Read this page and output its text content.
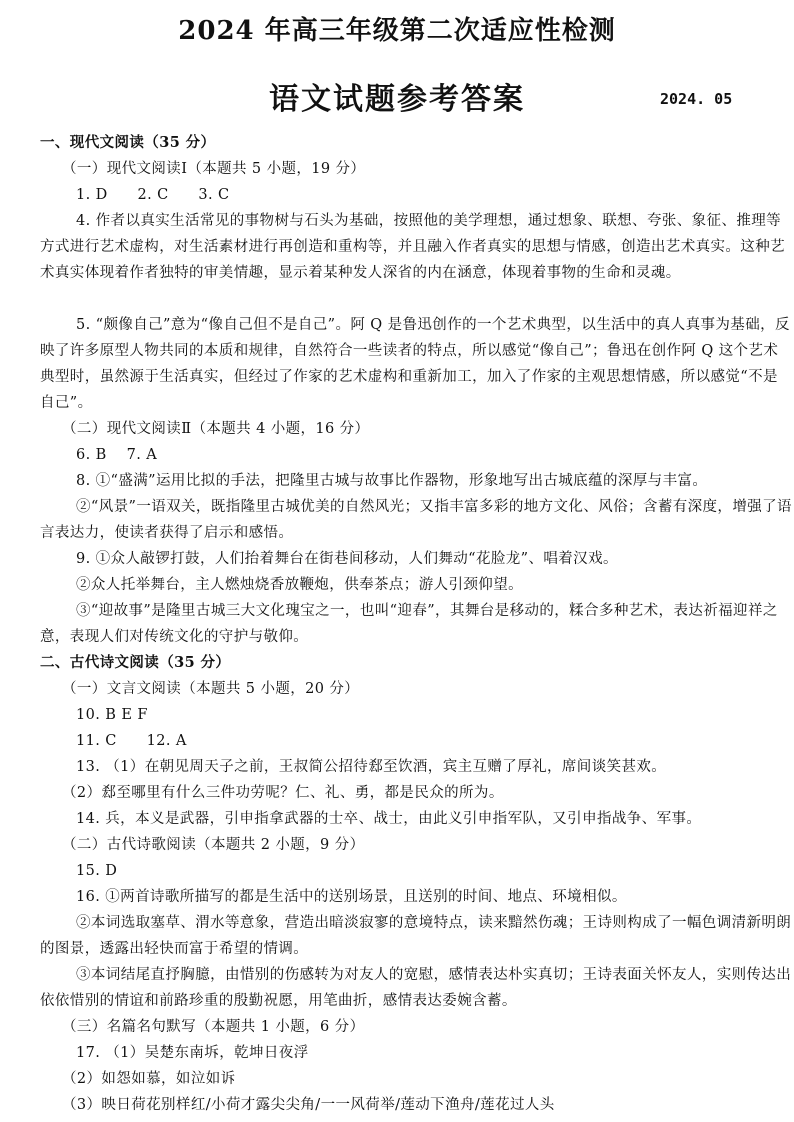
2024 年高三年级第二次适应性检测
语文试题参考答案	2024. 05
一、现代文阅读（35 分）
（一）现代文阅读Ⅰ（本题共 5 小题，19 分）
1. D　　2. C　　3. C
4. 作者以真实生活常见的事物树与石头为基础，按照他的美学理想，通过想象、联想、夸张、象征、推理等方式进行艺术虚构，对生活素材进行再创造和重构等，并且融入作者真实的思想与情感，创造出艺术真实。这种艺术真实体现着作者独特的审美情趣，显示着某种发人深省的内在涵意，体现着事物的生命和灵魂。
5. “颇像自己”意为“像自己但不是自己”。阿 Q 是鲁迅创作的一个艺术典型，以生活中的真人真事为基础，反映了许多原型人物共同的本质和规律，自然符合一些读者的特点，所以感觉“像自己”；鲁迅在创作阿 Q 这个艺术典型时，虽然源于生活真实，但经过了作家的艺术虚构和重新加工，加入了作家的主观思想情感，所以感觉“不是自己”。
（二）现代文阅读Ⅱ（本题共 4 小题，16 分）
6. B　 7. A
8. ①“盛满”运用比拟的手法，把隆里古城与故事比作器物，形象地写出古城底蕴的深厚与丰富。
②“风景”一语双关，既指隆里古城优美的自然风光；又指丰富多彩的地方文化、风俗；含蓄有深度，增强了语言表达力，使读者获得了启示和感悟。
9. ①众人敲锣打鼓，人们抬着舞台在街巷间移动，人们舞动“花脸龙”、唱着汉戏。
②众人托举舞台，主人燃烛烧香放鞭炮，供奉茶点；游人引颈仰望。
③“迎故事”是隆里古城三大文化瑰宝之一，也叫“迎春”，其舞台是移动的，糅合多种艺术，表达祈福迎祥之意，表现人们对传统文化的守护与敬仰。
二、古代诗文阅读（35 分）
（一）文言文阅读（本题共 5 小题，20 分）
10. B E F
11. C　　12. A
13. （1）在朝见周天子之前，王叔简公招待郄至饮酒，宾主互赠了厚礼，席间谈笑甚欢。
（2）郄至哪里有什么三件功劳呢？仁、礼、勇，都是民众的所为。
14. 兵，本义是武器，引申指拿武器的士卒、战士，由此义引申指军队，又引申指战争、军事。
（二）古代诗歌阅读（本题共 2 小题，9 分）
15. D
16. ①两首诗歌所描写的都是生活中的送别场景，且送别的时间、地点、环境相似。
②本词选取塞草、渭水等意象，营造出暗淡寂寥的意境特点，读来黯然伤魂；王诗则构成了一幅色调清新明朗的图景，透露出轻快而富于希望的情调。
③本词结尾直抒胸臆，由惜别的伤感转为对友人的宽慰，感情表达朴实真切；王诗表面关怀友人，实则传达出依依惜别的情谊和前路珍重的殷勤祝愿，用笔曲折，感情表达委婉含蓄。
（三）名篇名句默写（本题共 1 小题，6 分）
17. （1）吴楚东南坼，乾坤日夜浮
（2）如怨如慕，如泣如诉
（3）映日荷花别样红/小荷才露尖尖角/一一风荷举/莲动下渔舟/莲花过人头
